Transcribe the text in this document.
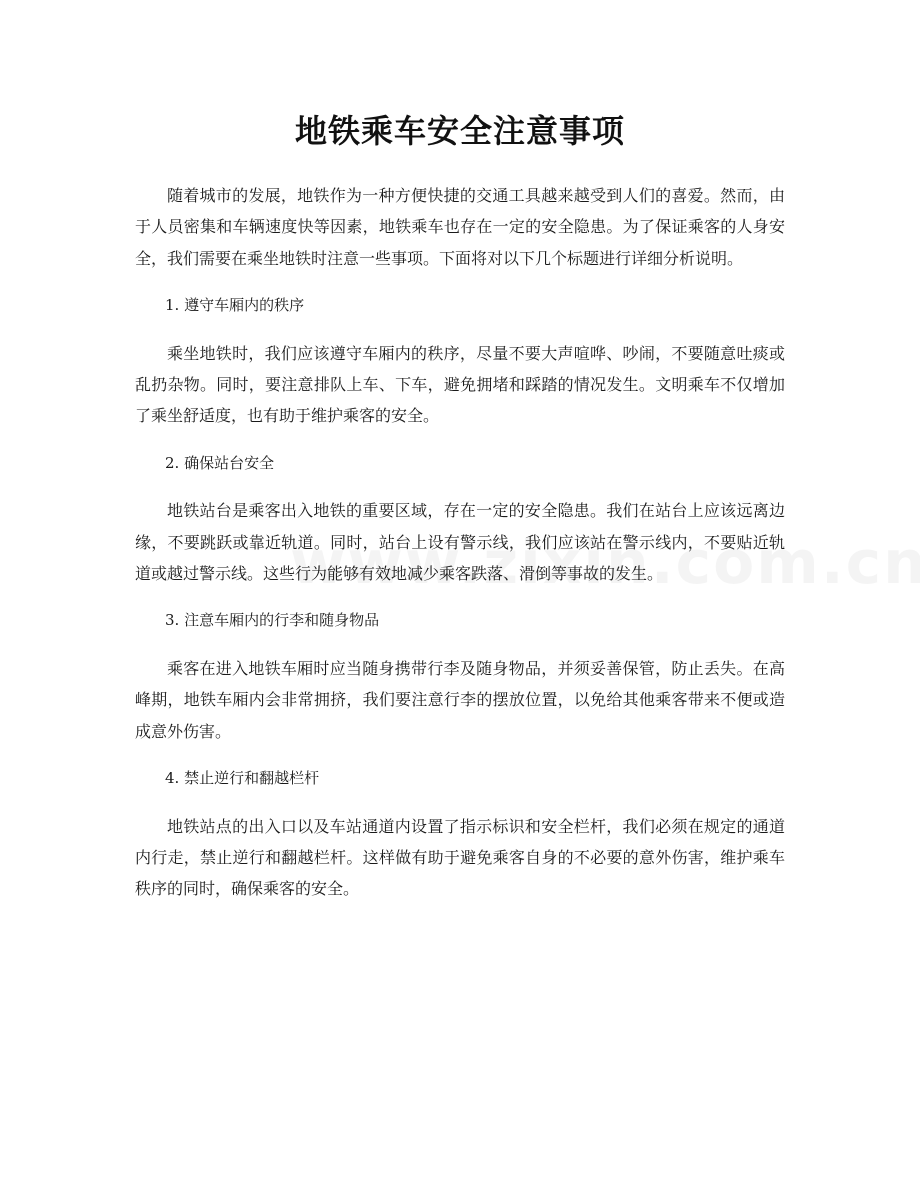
地铁乘车安全注意事项

随着城市的发展，地铁作为一种方便快捷的交通工具越来越受到人们的喜爱。然而，由于人员密集和车辆速度快等因素，地铁乘车也存在一定的安全隐患。为了保证乘客的人身安全，我们需要在乘坐地铁时注意一些事项。下面将对以下几个标题进行详细分析说明。

1. 遵守车厢内的秩序

乘坐地铁时，我们应该遵守车厢内的秩序，尽量不要大声喧哗、吵闹，不要随意吐痰或乱扔杂物。同时，要注意排队上车、下车，避免拥堵和踩踏的情况发生。文明乘车不仅增加了乘坐舒适度，也有助于维护乘客的安全。

2. 确保站台安全

地铁站台是乘客出入地铁的重要区域，存在一定的安全隐患。我们在站台上应该远离边缘，不要跳跃或靠近轨道。同时，站台上设有警示线，我们应该站在警示线内，不要贴近轨道或越过警示线。这些行为能够有效地减少乘客跌落、滑倒等事故的发生。

3. 注意车厢内的行李和随身物品

乘客在进入地铁车厢时应当随身携带行李及随身物品，并须妥善保管，防止丢失。在高峰期，地铁车厢内会非常拥挤，我们要注意行李的摆放位置，以免给其他乘客带来不便或造成意外伤害。

4. 禁止逆行和翻越栏杆

地铁站点的出入口以及车站通道内设置了指示标识和安全栏杆，我们必须在规定的通道内行走，禁止逆行和翻越栏杆。这样做有助于避免乘客自身的不必要的意外伤害，维护乘车秩序的同时，确保乘客的安全。
